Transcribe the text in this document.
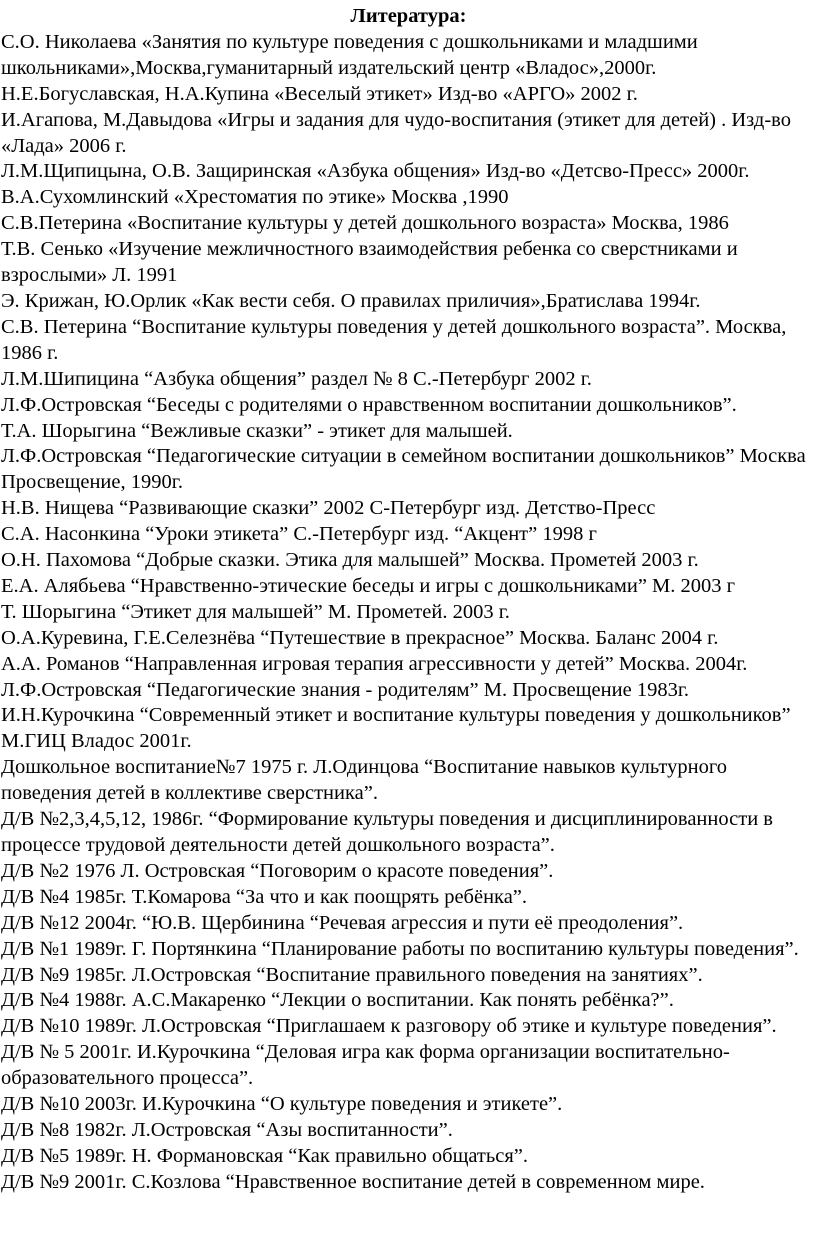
Литература:

С.О. Николаева «Занятия по культуре поведения с дошкольниками и младшими школьниками»,Москва,гуманитарный издательский центр «Владос»,2000г.

Н.Е.Богуславская, Н.А.Купина «Веселый этикет» Изд-во «АРГО» 2002 г.

И.Агапова, М.Давыдова «Игры и задания для чудо-воспитания (этикет для детей) . Изд-во «Лада» 2006 г.

Л.М.Щипицына, О.В. Защиринская «Азбука общения» Изд-во «Детсво-Пресс» 2000г.

В.А.Сухомлинский «Хрестоматия по этике» Москва ,1990

С.В.Петерина «Воспитание культуры у детей дошкольного возраста» Москва, 1986

Т.В. Сенько «Изучение межличностного взаимодействия ребенка со сверстниками и взрослыми» Л. 1991

Э. Крижан, Ю.Орлик «Как вести себя. О правилах приличия»,Братислава 1994г.

С.В. Петерина “Воспитание культуры поведения у детей дошкольного возраста”. Москва, 1986 г.

Л.М.Шипицина “Азбука общения” раздел № 8 С.-Петербург 2002 г.

Л.Ф.Островская “Беседы с родителями о нравственном воспитании дошкольников”.

Т.А. Шорыгина “Вежливые сказки” - этикет для малышей.

Л.Ф.Островская “Педагогические ситуации в семейном воспитании дошкольников” Москва Просвещение, 1990г.

Н.В. Нищева “Развивающие сказки” 2002 С-Петербург изд. Детство-Пресс

С.А. Насонкина “Уроки этикета” С.-Петербург изд. “Акцент” 1998 г

О.Н. Пахомова “Добрые сказки. Этика для малышей” Москва. Прометей 2003 г.

Е.А. Алябьева “Нравственно-этические беседы и игры с дошкольниками” М. 2003 г

Т. Шорыгина “Этикет для малышей” М. Прометей. 2003 г.

О.А.Куревина, Г.Е.Селезнёва “Путешествие в прекрасное” Москва. Баланс 2004 г.

А.А. Романов “Направленная игровая терапия агрессивности у детей” Москва. 2004г.

Л.Ф.Островская “Педагогические знания - родителям” М. Просвещение 1983г.

И.Н.Курочкина “Современный этикет и воспитание культуры поведения у дошкольников” М.ГИЦ Владос 2001г.

Дошкольное воспитание№7 1975 г. Л.Одинцова “Воспитание навыков культурного поведения детей в коллективе сверстника”.

Д/В №2,3,4,5,12, 1986г. “Формирование культуры поведения и дисциплинированности в процессе трудовой деятельности детей дошкольного возраста”.

Д/В №2 1976 Л. Островская “Поговорим о красоте поведения”.

Д/В №4 1985г. Т.Комарова “За что и как поощрять ребёнка”.

Д/В №12 2004г. “Ю.В. Щербинина “Речевая агрессия и пути её преодоления”.

Д/В №1 1989г. Г. Портянкина “Планирование работы по воспитанию культуры поведения”.

Д/В №9 1985г. Л.Островская “Воспитание правильного поведения на занятиях”.

Д/В №4 1988г. А.С.Макаренко “Лекции о воспитании. Как понять ребёнка?”.

Д/В №10 1989г. Л.Островская “Приглашаем к разговору об этике и культуре поведения”.

Д/В № 5 2001г. И.Курочкина “Деловая игра как форма организации воспитательно-образовательного процесса”.

Д/В №10 2003г. И.Курочкина “О культуре поведения и этикете”.

Д/В №8 1982г. Л.Островская “Азы воспитанности”.

Д/В №5 1989г. Н. Формановская “Как правильно общаться”.

Д/В №9 2001г. С.Козлова “Нравственное воспитание детей в современном мире.
